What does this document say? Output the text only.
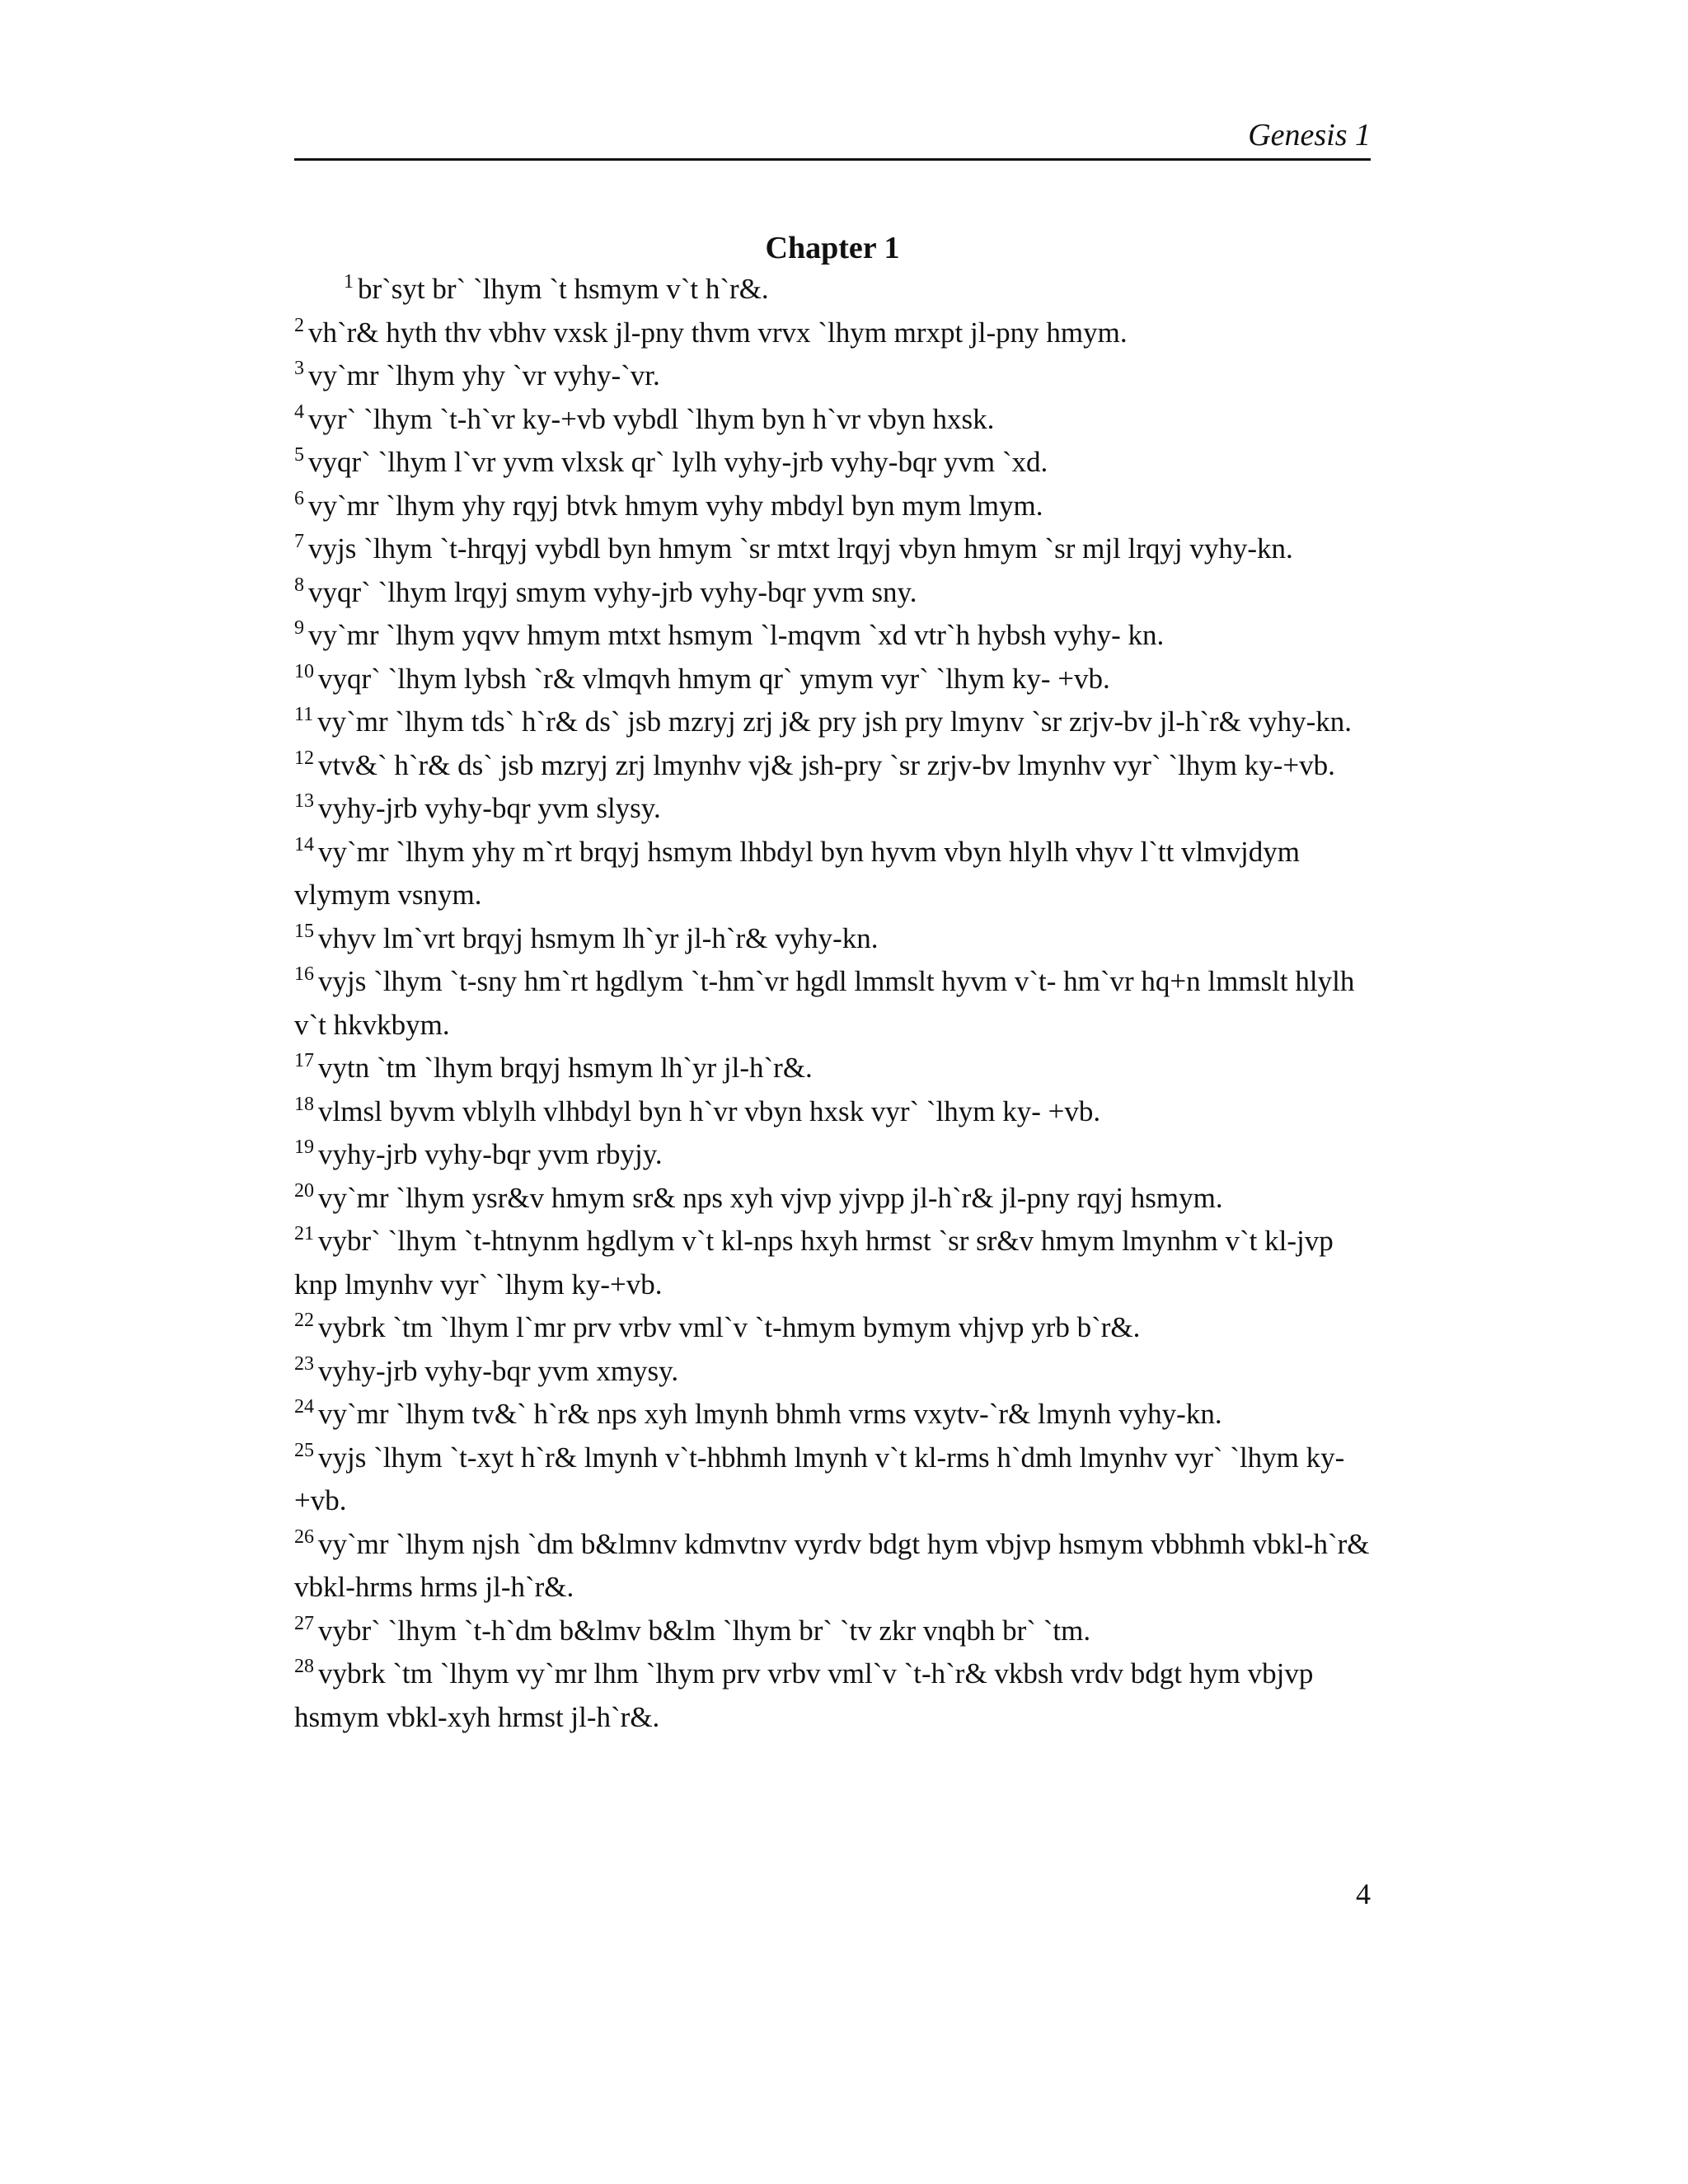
Genesis 1
Chapter 1

$^1$ br`syt br` `lhym `t hsmym v`t h`r&.

$^2$ vh`r& hyth thv vbhv vxsk jl-pny thvm vrvx `lhym mrxpt jl-pny hmym.

$^3$ vy`mr `lhym yhy `vr vyhy-`vr.

$^4$ vyr` `lhym `t-h`vr ky-+vb vybdl `lhym byn h`vr vbyn hxsk.

$^5$ vyqr` `lhym l`vr yvm vlxsk qr` lylh vyhy-jrb vyhy-bqr yvm `xd.

$^6$ vy`mr `lhym yhy rqyj btvk hmym vyhy mbdyl byn mym lmym.

$^7$ vyjs `lhym `t-hrqyj vybdl byn hmym `sr mtxt lrqyj vbyn hmym `sr mjl lrqyj vyhy-kn.

$^8$ vyqr` `lhym lrqyj smym vyhy-jrb vyhy-bqr yvm sny.

$^9$ vy`mr `lhym yqvv hmym mtxt hsmym `l-mqvm `xd vtr`h hybsh vyhy- kn.

$^{10}$ vyqr` `lhym lybsh `r& vlmqvh hmym qr` ymym vyr` `lhym ky- +vb.

$^{11}$ vy`mr `lhym tds` h`r& ds` jsb mzryj zrj j& pry jsh pry lmynv `sr zrjv-bv jl-h`r& vyhy-kn.

$^{12}$ vtv&` h`r& ds` jsb mzryj zrj lmynhv vj& jsh-pry `sr zrjv-bv lmynhv vyr` `lhym ky-+vb.

$^{13}$ vyhy-jrb vyhy-bqr yvm slysy.

$^{14}$ vy`mr `lhym yhy m`rt brqyj hsmym lhbdyl byn hyvm vbyn hlylh vhyv l`tt vlmvjdym vlymym vsnym.

$^{15}$ vhyv lm`vrt brqyj hsmym lh`yr jl-h`r& vyhy-kn.

$^{16}$ vyjs `lhym `t-sny hm`rt hgdlym `t-hm`vr hgdl lmmslt hyvm v`t- hm`vr hq+n lmmslt hlylh v`t hkvkbym.

$^{17}$ vytn `tm `lhym brqyj hsmym lh`yr jl-h`r&.

$^{18}$ vlmsl byvm vblylh vlhbdyl byn h`vr vbyn hxsk vyr` `lhym ky- +vb.

$^{19}$ vyhy-jrb vyhy-bqr yvm rbyjy.

$^{20}$ vy`mr `lhym ysr&v hmym sr& nps xyh vjvp yjvpp jl-h`r& jl-pny rqyj hsmym.

$^{21}$ vybr` `lhym `t-htnynm hgdlym v`t kl-nps hxyh hrmst `sr sr&v hmym lmynhm v`t kl-jvp knp lmynhv vyr` `lhym ky-+vb.

$^{22}$ vybrk `tm `lhym l`mr prv vrbv vml`v `t-hmym bymym vhjvp yrb b`r&.

$^{23}$ vyhy-jrb vyhy-bqr yvm xmysy.

$^{24}$ vy`mr `lhym tv&` h`r& nps xyh lmynh bhmh vrms vxytv-`r& lmynh vyhy-kn.

$^{25}$ vyjs `lhym `t-xyt h`r& lmynh v`t-hbhmh lmynh v`t kl-rms h`dmh lmynhv vyr` `lhym ky-+vb.

$^{26}$ vy`mr `lhym njsh `dm b&lmnv kdmvtnv vyrdv bdgt hym vbjvp hsmym vbbhmh vbkl-h`r& vbkl-hrms hrms jl-h`r&.

$^{27}$ vybr` `lhym `t-h`dm b&lmv b&lm `lhym br` `tv zkr vnqbh br` `tm.

$^{28}$ vybrk `tm `lhym vy`mr lhm `lhym prv vrbv vml`v `t-h`r& vkbsh vrdv bdgt hym vbjvp hsmym vbkl-xyh hrmst jl-h`r&.

4
